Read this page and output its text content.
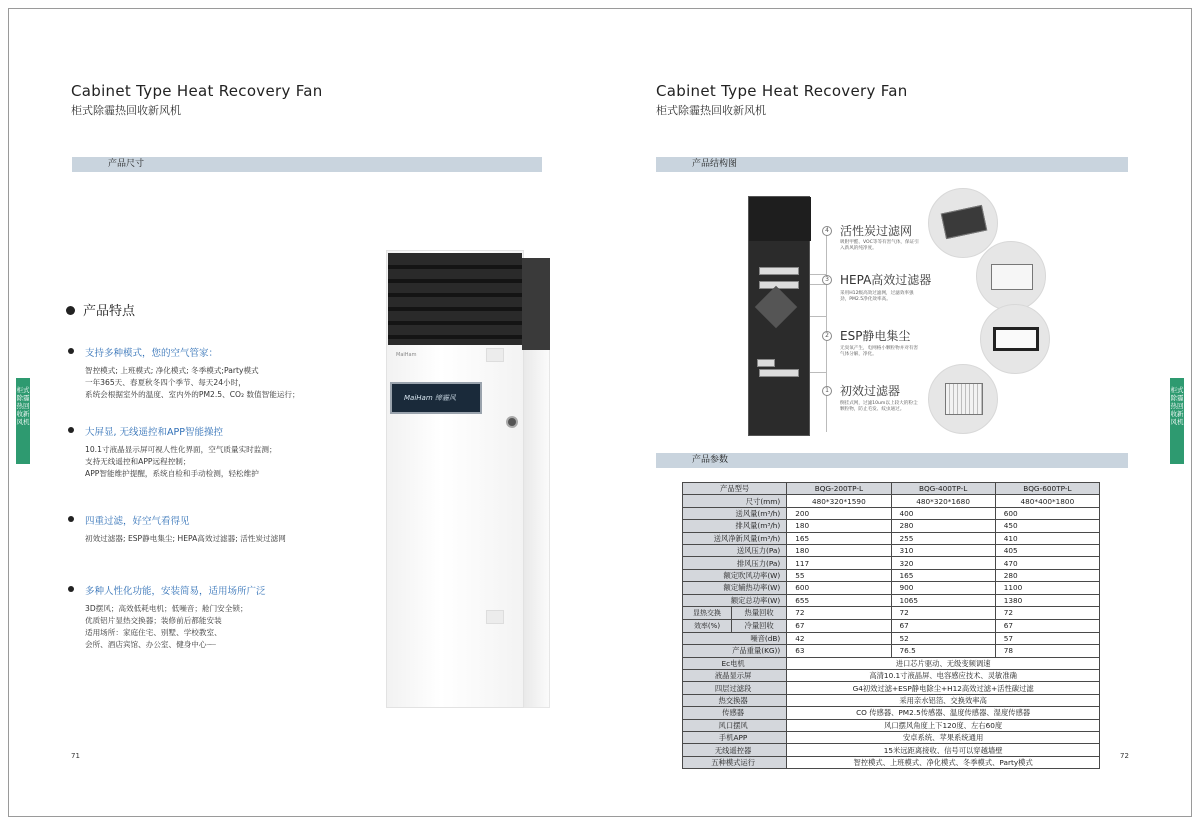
Cabinet Type Heat Recovery Fan
柜式除霾热回收新风机
产品尺寸
产品特点
支持多种模式，您的空气管家：
智控模式; 上班模式; 净化模式; 冬季模式;Party模式
一年365天、春夏秋冬四个季节、每天24小时，
系统会根据室外的温度、室内外的PM2.5、CO₂ 数值智能运行；
大屏显, 无线遥控和APP智能操控
10.1寸液晶显示屏可视人性化界面，空气质量实时监测；
支持无线遥控和APP远程控制；
APP智能维护提醒，系统自检和手动检测，轻松维护
四重过滤，好空气看得见
初效过滤器; ESP静电集尘; HEPA高效过滤器; 活性炭过滤网
多种人性化功能，安装简易，适用场所广泛
3D摆风；高效低耗电机；低噪音；舱门安全锁；
优质铝片显热交换器；装修前后都能安装
适用场所：家庭住宅、别墅、学校教室、
会所、酒店宾馆、办公室、健身中心┈┈
MaiHam
MaiHam 缔霾风
柜式除霾热回收新风机
71
Cabinet Type Heat Recovery Fan
柜式除霾热回收新风机
产品结构图
4 活性炭过滤网
吸附甲醛、VOC等等有害气体，保证引入新风的纯净度。
3 HEPA高效过滤器
采用H12级高效过滤网，过滤效率强劲，PM2.5净化效率高。
2 ESP静电集尘
无臭氧产生，电网格小颗粒物并对有害气体分解，净化。
1 初效过滤器
倒挂式网，过滤10um以上较大的粉尘颗粒物，防止毛发、纹虫通过。
产品参数
产品型号	BQG-200TP-L	BQG-400TP-L	BQG-600TP-L
尺寸(mm)	480*320*1590	480*320*1680	480*400*1800
送风量(m³/h)	200	400	600
排风量(m³/h)	180	280	450
送风净新风量(m³/h)	165	255	410
送风压力(Pa)	180	310	405
排风压力(Pa)	117	320	470
额定吹风功率(W)	55	165	280
额定辅热功率(W)	600	900	1100
额定总功率(W)	655	1065	1380

显热交换 热量回收	72	72	72

效率(%) 冷量回收	67	67	67
噪音(dB)	42	52	57
产品重量(KG))	63	76.5	78
Ec电机	进口芯片驱动、无级变频调速		
液晶显示屏	高清10.1寸液晶屏、电容感应技术、灵敏准确		
四层过滤段	G4初效过滤+ESP静电除尘+H12高效过滤+活性碳过滤		
热交换器	采用亲水铝箔、交换效率高		
传感器	CO 传感器、PM2.5传感器、温度传感器、湿度传感器		
风口摆风	风口摆风角度上下120度、左右60度		
手机APP	安卓系统、苹果系统通用		
无线遥控器	15米远距离接收、信号可以穿越墙壁		
五种模式运行	智控模式、上班模式、净化模式、冬季模式、Party模式		
柜式除霾热回收新风机
72
